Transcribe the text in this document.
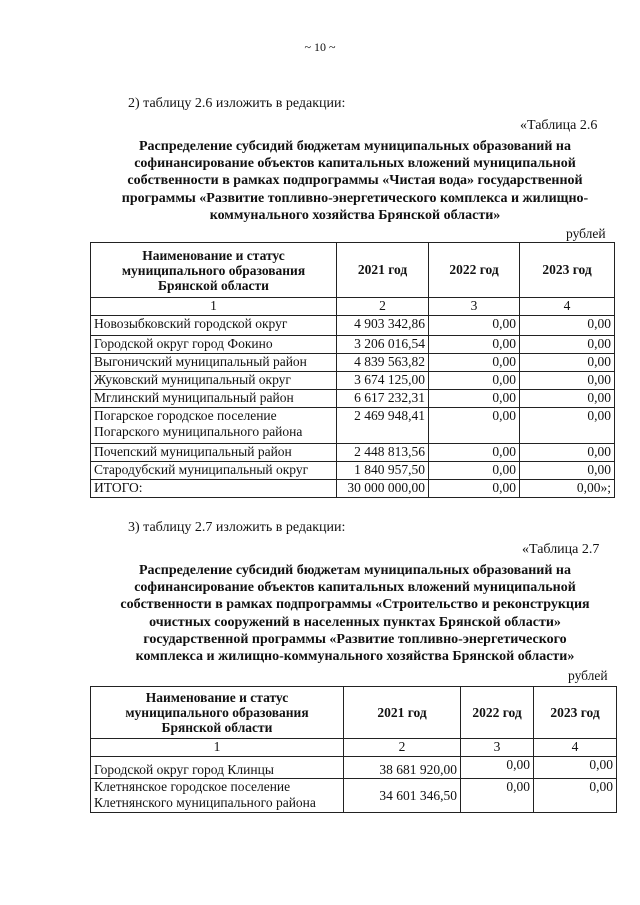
~ 10 ~
2) таблицу 2.6 изложить в редакции:
«Таблица 2.6
Распределение субсидий бюджетам муниципальных образований на
софинансирование объектов капитальных вложений муниципальной
собственности в рамках подпрограммы «Чистая вода» государственной
программы «Развитие топливно-энергетического комплекса и жилищно-
коммунального хозяйства Брянской области»
рублей
Наименование и статус муниципального образования Брянской области	2021 год	2022 год	2023 год
1	2	3	4
Новозыбковский городской округ	4 903 342,86	0,00	0,00
Городской округ город Фокино	3 206 016,54	0,00	0,00
Выгоничский муниципальный район	4 839 563,82	0,00	0,00
Жуковский муниципальный округ	3 674 125,00	0,00	0,00
Мглинский муниципальный район	6 617 232,31	0,00	0,00
Погарское городское поселение Погарского муниципального района	2 469 948,41	0,00	0,00
Почепский муниципальный район	2 448 813,56	0,00	0,00
Стародубский муниципальный округ	1 840 957,50	0,00	0,00
ИТОГО:	30 000 000,00	0,00	0,00»;
3) таблицу 2.7 изложить в редакции:
«Таблица 2.7
Распределение субсидий бюджетам муниципальных образований на
софинансирование объектов капитальных вложений муниципальной
собственности в рамках подпрограммы «Строительство и реконструкция
очистных сооружений в населенных пунктах Брянской области»
государственной программы «Развитие топливно-энергетического
комплекса и жилищно-коммунального хозяйства Брянской области»
рублей
Наименование и статус муниципального образования Брянской области	2021 год	2022 год	2023 год
1	2	3	4
Городской округ город Клинцы	38 681 920,00	0,00	0,00
Клетнянское городское поселение Клетнянского муниципального района	34 601 346,50	0,00	0,00
